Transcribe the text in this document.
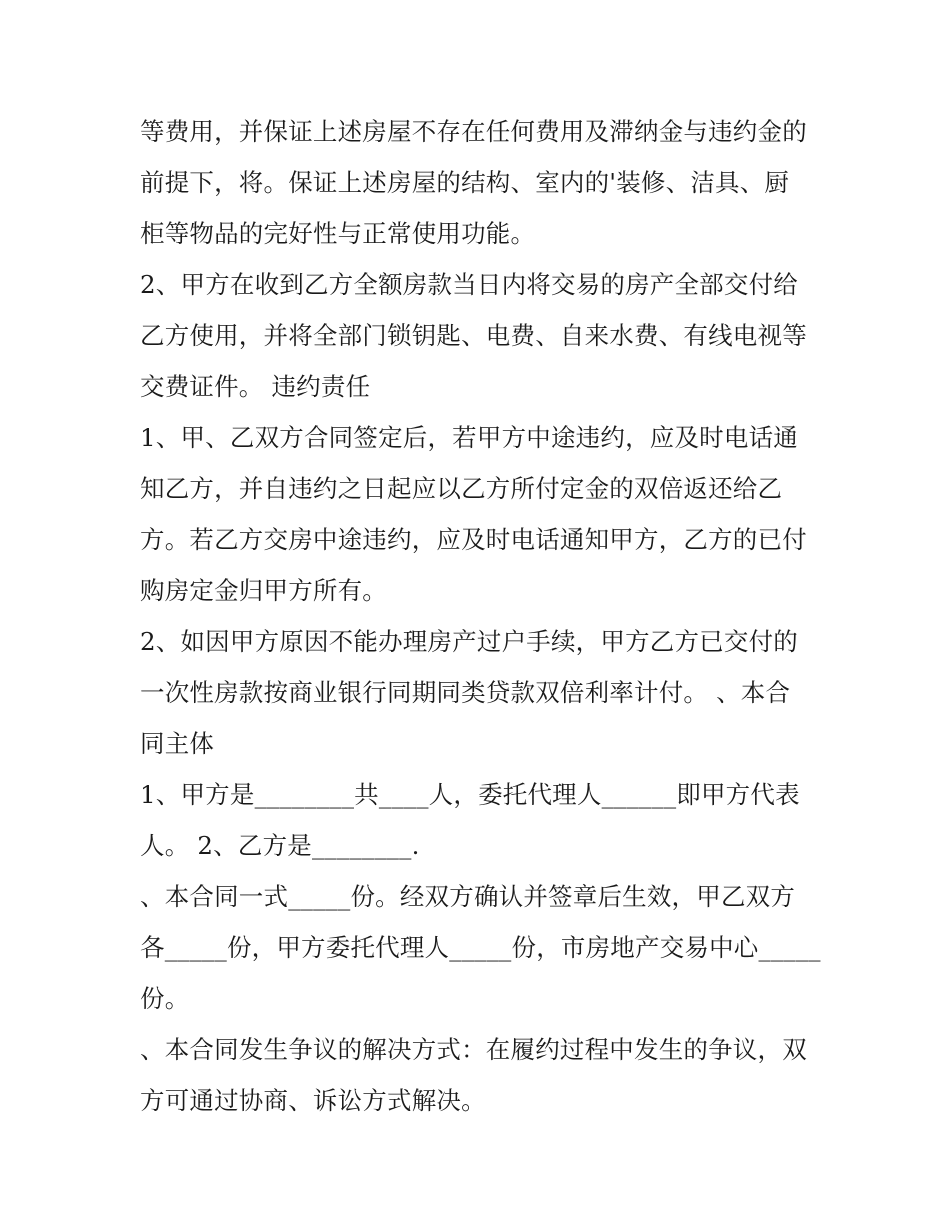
等费用，并保证上述房屋不存在任何费用及滞纳金与违约金的
前提下，将。保证上述房屋的结构、室内的'装修、洁具、厨
柜等物品的完好性与正常使用功能。
2、甲方在收到乙方全额房款当日内将交易的房产全部交付给
乙方使用，并将全部门锁钥匙、电费、自来水费、有线电视等
交费证件。 违约责任
1、甲、乙双方合同签定后，若甲方中途违约，应及时电话通
知乙方，并自违约之日起应以乙方所付定金的双倍返还给乙
方。若乙方交房中途违约，应及时电话通知甲方，乙方的已付
购房定金归甲方所有。
2、如因甲方原因不能办理房产过户手续，甲方乙方已交付的
一次性房款按商业银行同期同类贷款双倍利率计付。 、本合
同主体
1、甲方是________共____人，委托代理人______即甲方代表
人。 2、乙方是________.
、本合同一式_____份。经双方确认并签章后生效，甲乙双方
各_____份，甲方委托代理人_____份，市房地产交易中心_____
份。
、本合同发生争议的解决方式：在履约过程中发生的争议，双
方可通过协商、诉讼方式解决。
